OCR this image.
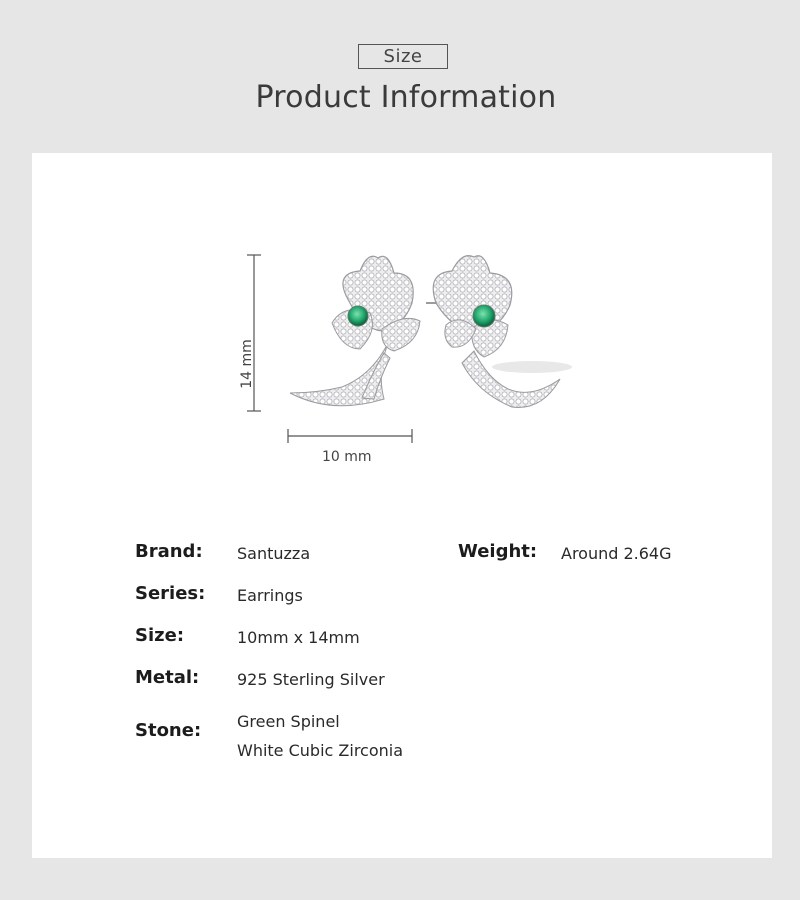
Size
Product Information
14 mm
10 mm
Brand: Santuzza	Weight: Around 2.64G
Series: Earrings
Size:	10mm x 14mm
Metal: 925 Sterling Silver
Stone: Green Spinel
White Cubic Zirconia
